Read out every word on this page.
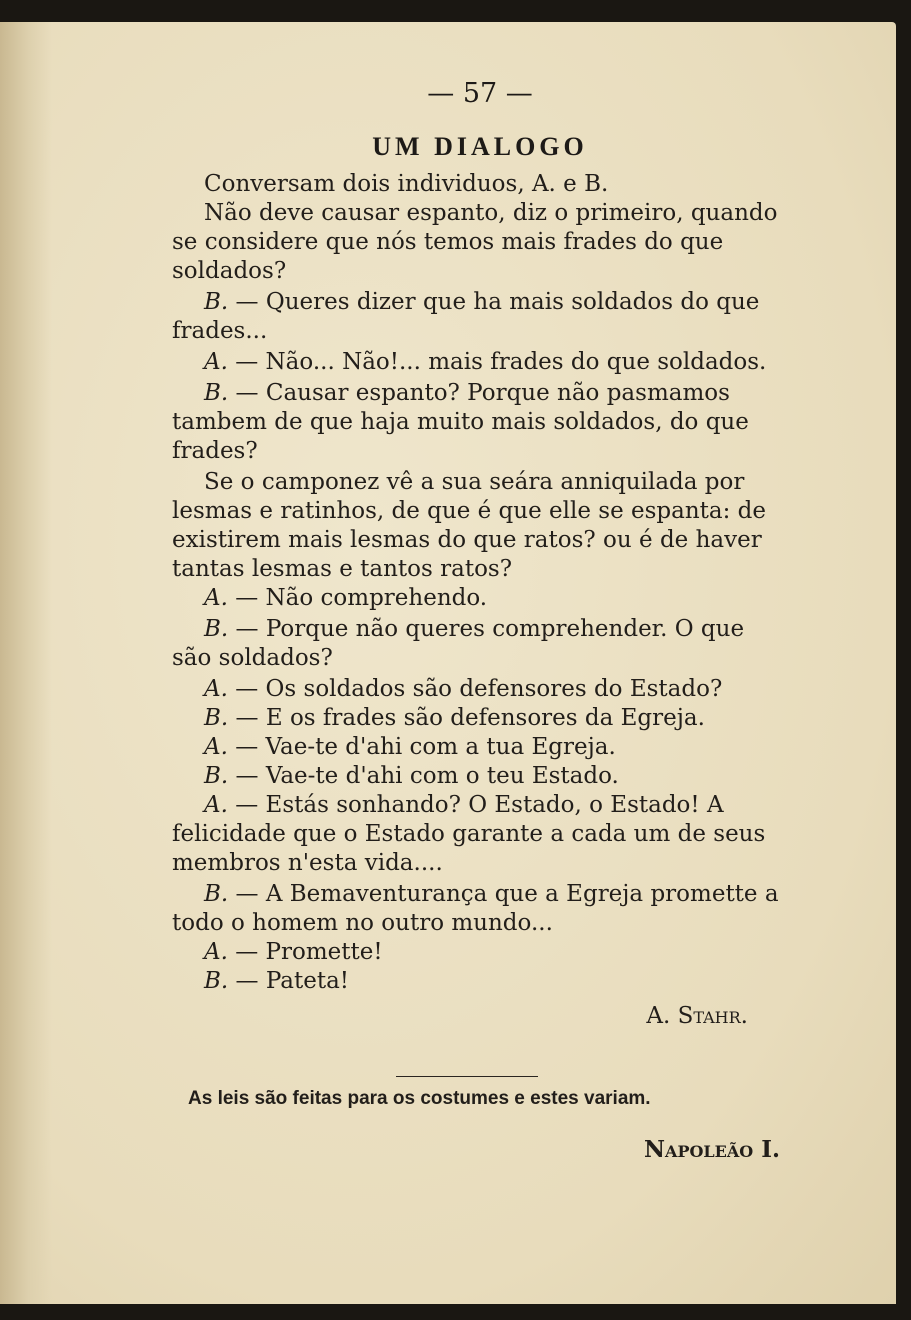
— 57 —
UM DIALOGO

Conversam dois individuos, A. e B.

Não deve causar espanto, diz o primeiro, quando se considere que nós temos mais frades do que soldados?

B. — Queres dizer que ha mais soldados do que frades...

A. — Não... Não!... mais frades do que soldados.

B. — Causar espanto? Porque não pasmamos tambem de que haja muito mais soldados, do que frades?

Se o camponez vê a sua seára anniquilada por lesmas e ratinhos, de que é que elle se espanta: de existirem mais lesmas do que ratos? ou é de haver tantas lesmas e tantos ratos?

A. — Não comprehendo.

B. — Porque não queres comprehender. O que são soldados?

A. — Os soldados são defensores do Estado?

B. — E os frades são defensores da Egreja.

A. — Vae-te d'ahi com a tua Egreja.

B. — Vae-te d'ahi com o teu Estado.

A. — Estás sonhando? O Estado, o Estado! A felicidade que o Estado garante a cada um de seus membros n'esta vida....

B. — A Bemaventurança que a Egreja promette a todo o homem no outro mundo...

A. — Promette!

B. — Pateta!

A. Stahr.
As leis são feitas para os costumes e estes variam.
Napoleão I.
